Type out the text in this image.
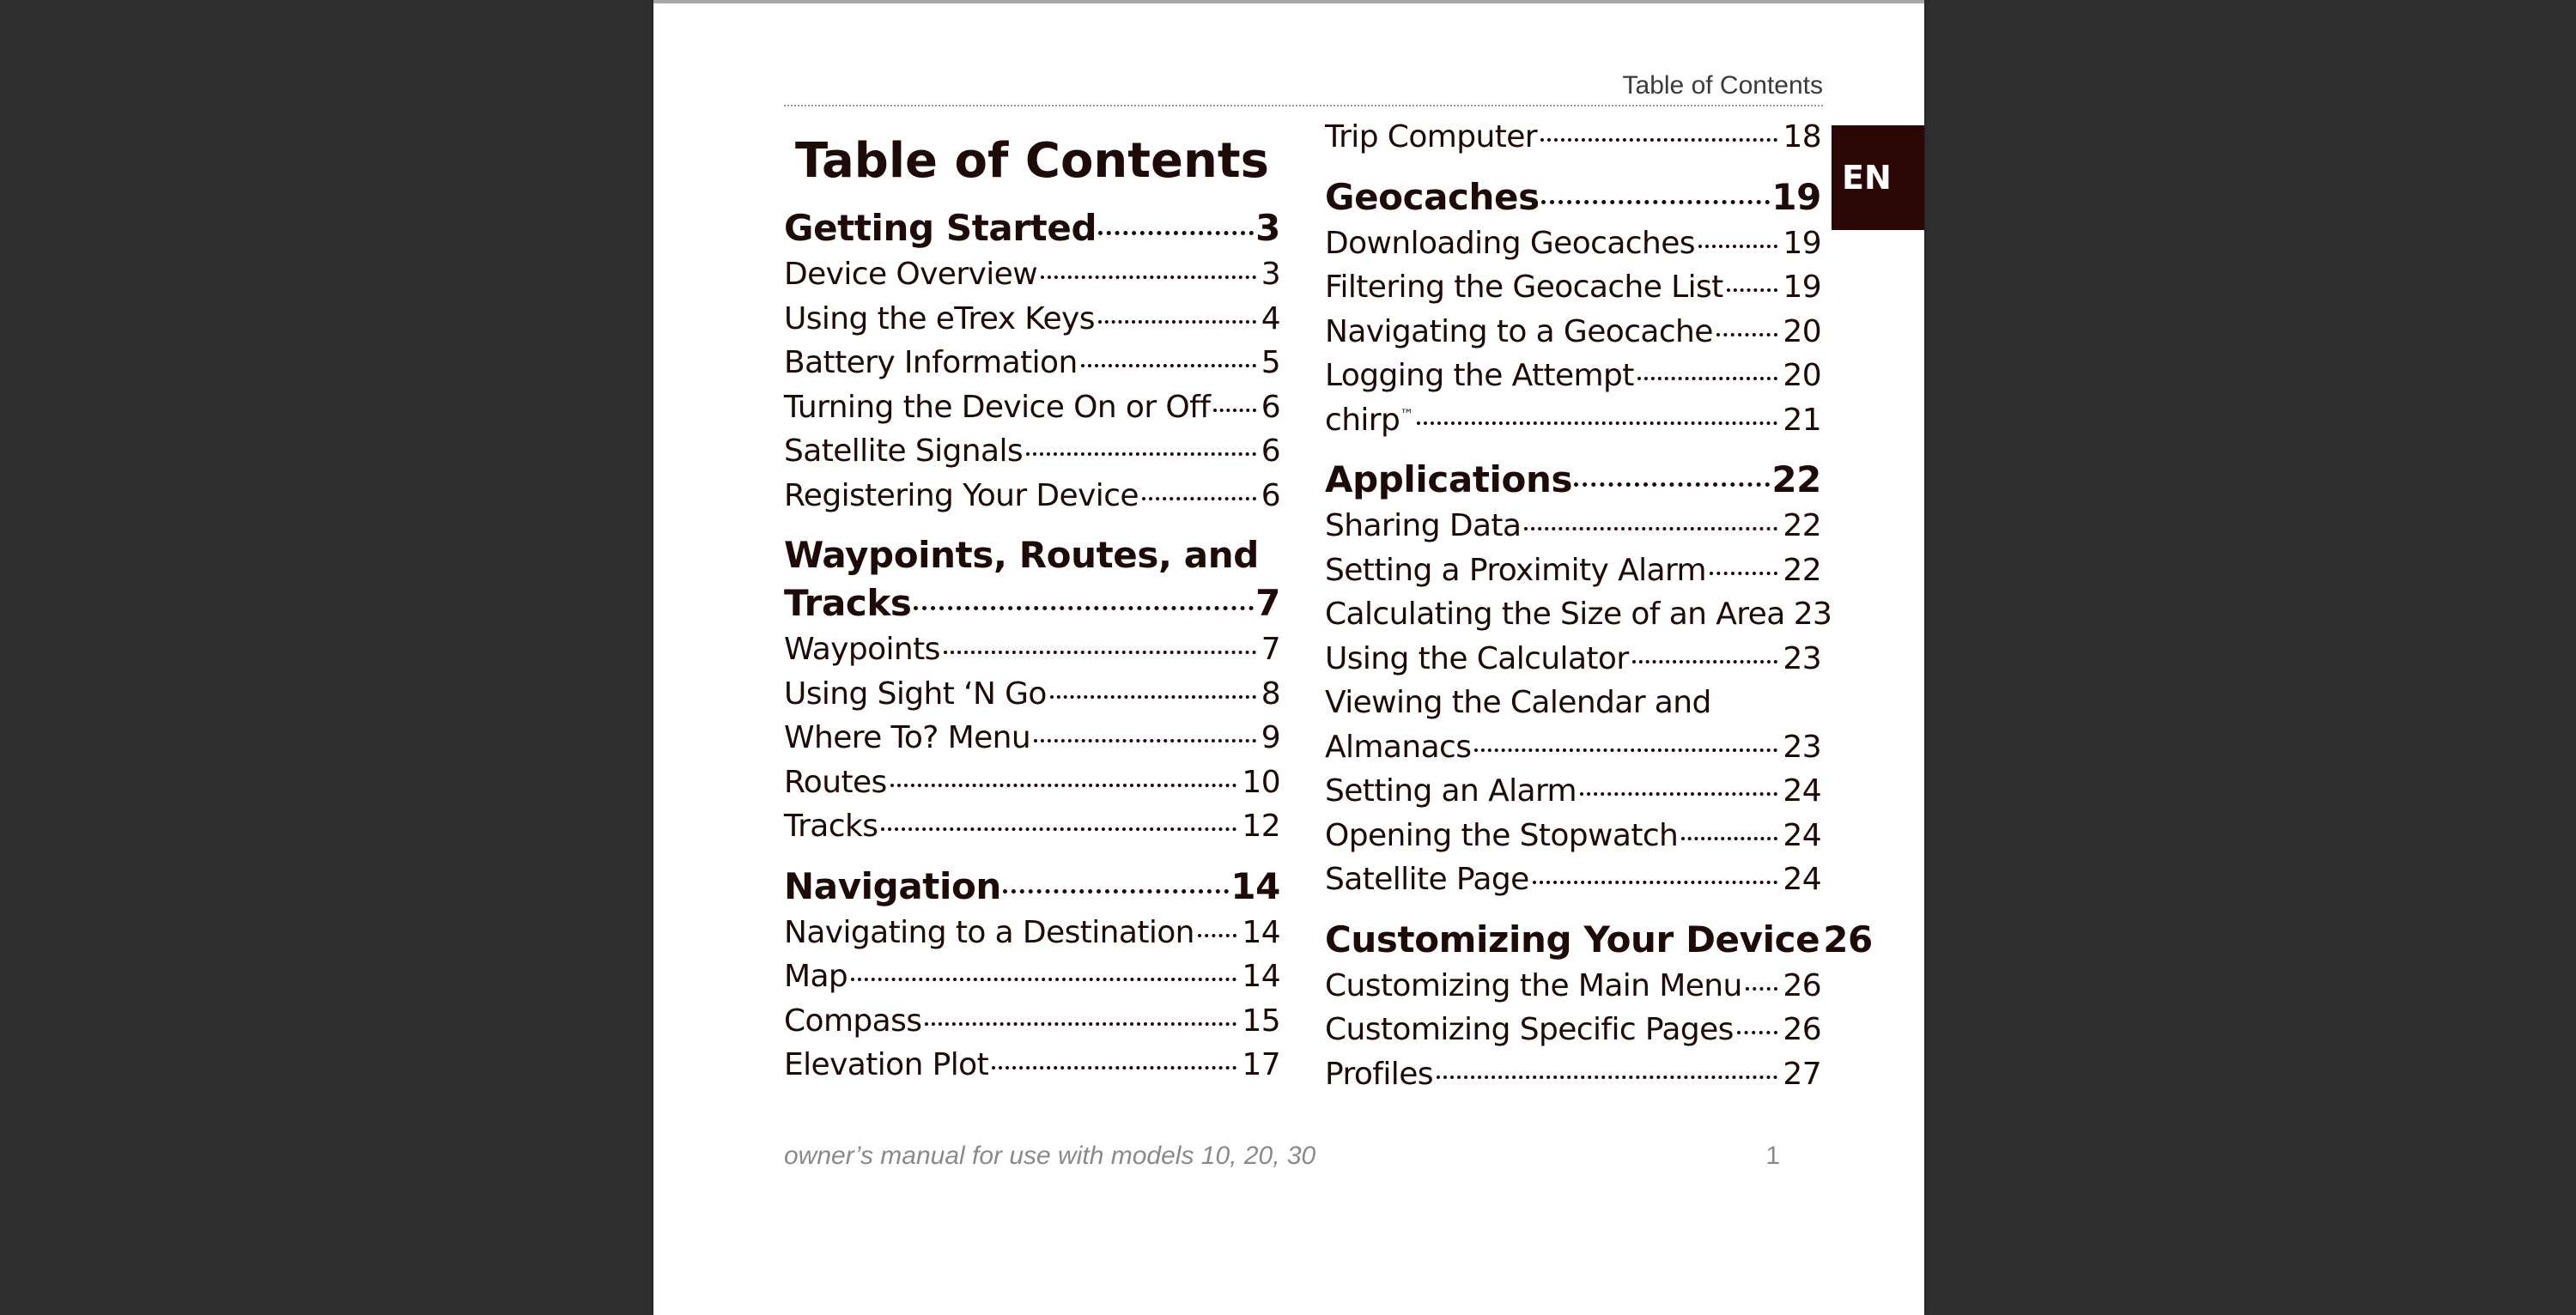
Table of Contents
EN
Table of Contents
Getting Started	3
Device Overview	3
Using the eTrex Keys	4
Battery Information	5
Turning the Device On or Off 6
Satellite Signals	6
Registering Your Device	6
Waypoints, Routes, and
Tracks	7
Waypoints	7
Using Sight ‘N Go	8
Where To? Menu	9
Routes	10
Tracks	12
Navigation	14
Navigating to a Destination 14
Map	14
Compass	15
Elevation Plot	17
Trip Computer	18
Geocaches	19
Downloading Geocaches	19
Filtering the Geocache List 19
Navigating to a Geocache 20
Logging the Attempt	20
chirp™	21
Applications	22
Sharing Data	22
Setting a Proximity Alarm 22
Calculating the Size of an Area 23
Using the Calculator	23
Viewing the Calendar and
Almanacs	23
Setting an Alarm	24
Opening the Stopwatch	24
Satellite Page	24
Customizing Your Device 26
Customizing the Main Menu 26
Customizing Specific Pages 26
Profiles	27
owner’s manual for use with models 10, 20, 30	1
